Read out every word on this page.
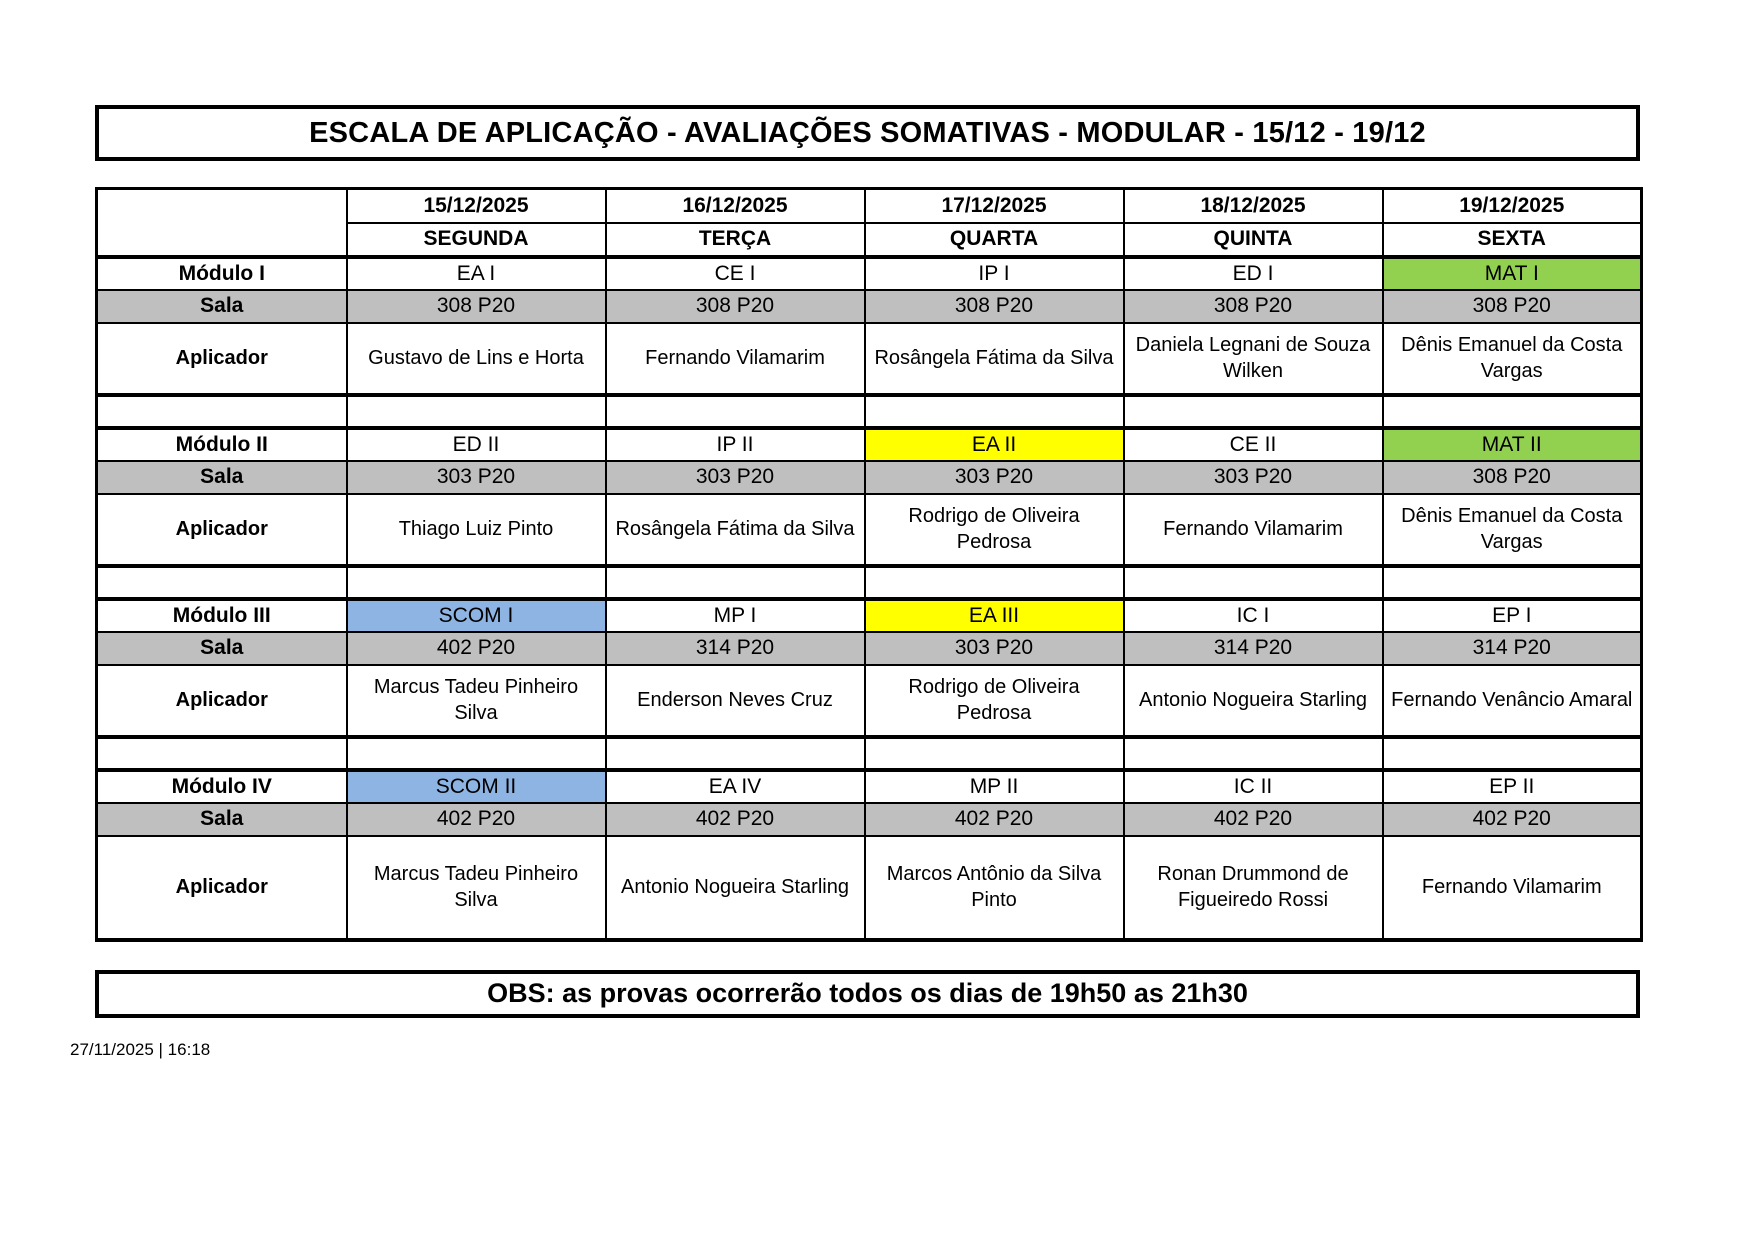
ESCALA DE APLICAÇÃO - AVALIAÇÕES SOMATIVAS - MODULAR - 15/12 - 19/12
	15/12/2025	16/12/2025	17/12/2025	18/12/2025	19/12/2025
	SEGUNDA	TERÇA	QUARTA	QUINTA	SEXTA
Módulo I	EA I	CE I	IP I	ED I	MAT I
Sala	308 P20	308 P20	308 P20	308 P20	308 P20
Aplicador	Gustavo de Lins e Horta	Fernando Vilamarim	Rosângela Fátima da Silva	Daniela Legnani de Souza Wilken	Dênis Emanuel da Costa Vargas

Módulo II	ED II	IP II	EA II	CE II	MAT II
Sala	303 P20	303 P20	303 P20	303 P20	308 P20
Aplicador	Thiago Luiz Pinto	Rosângela Fátima da Silva	Rodrigo de Oliveira Pedrosa	Fernando Vilamarim	Dênis Emanuel da Costa Vargas

Módulo III	SCOM I	MP I	EA III	IC I	EP I
Sala	402 P20	314 P20	303 P20	314 P20	314 P20
Aplicador	Marcus Tadeu Pinheiro Silva	Enderson Neves Cruz	Rodrigo de Oliveira Pedrosa	Antonio Nogueira Starling	Fernando Venâncio Amaral

Módulo IV	SCOM II	EA IV	MP II	IC II	EP II
Sala	402 P20	402 P20	402 P20	402 P20	402 P20
Aplicador	Marcus Tadeu Pinheiro Silva	Antonio Nogueira Starling	Marcos Antônio da Silva Pinto	Ronan Drummond de Figueiredo Rossi	Fernando Vilamarim
OBS: as provas ocorrerão todos os dias de 19h50 as 21h30
27/11/2025 | 16:18
